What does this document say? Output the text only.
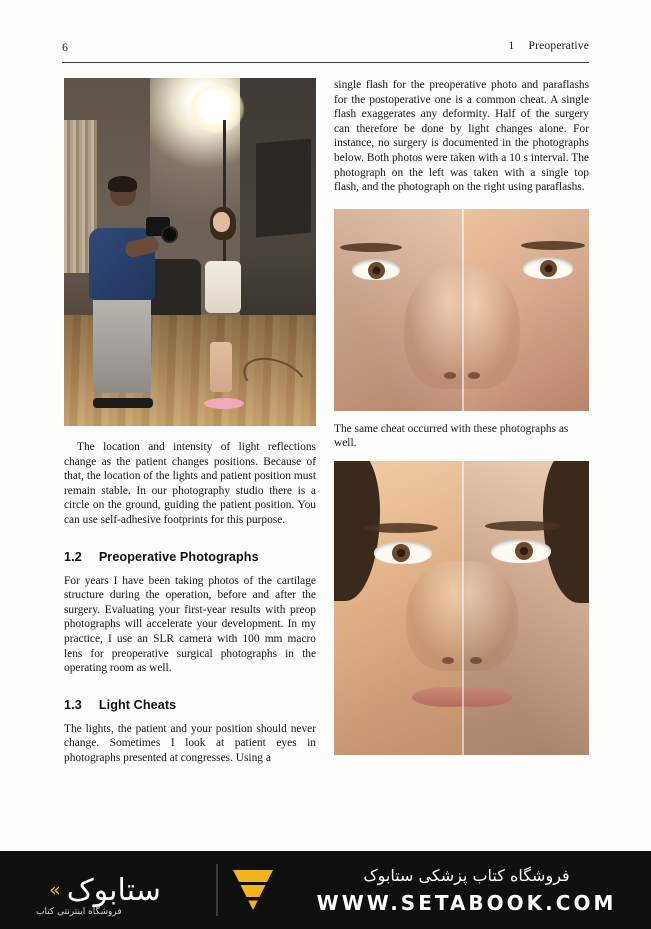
6	1 Preoperative

The location and intensity of light reflections change as the patient changes positions. Because of that, the location of the lights and patient position must remain stable. In our photography studio there is a circle on the ground, guiding the patient position. You can use self-adhesive footprints for this purpose.

1.2 Preoperative Photographs

For years I have been taking photos of the cartilage structure during the operation, before and after the surgery. Evaluating your first-year results with preop photographs will accelerate your development. In my practice, I use an SLR camera with 100 mm macro lens for preoperative surgical photographs in the operating room as well.

1.3 Light Cheats

The lights, the patient and your position should never change. Sometimes I look at patient eyes in photographs presented at congresses. Using a

single flash for the preoperative photo and paraflashs for the postoperative one is a common cheat. A single flash exaggerates any deformity. Half of the surgery can therefore be done by light changes alone. For instance, no surgery is documented in the photographs below. Both photos were taken with a 10 s interval. The photograph on the left was taken with a single top flash, and the photograph on the right using paraflashs.

The same cheat occurred with these photographs as well.

« ستابوک
فروشگاه اینترنتی کتاب
فروشگاه کتاب پزشکی ستابوک
WWW.SETABOOK.COM
